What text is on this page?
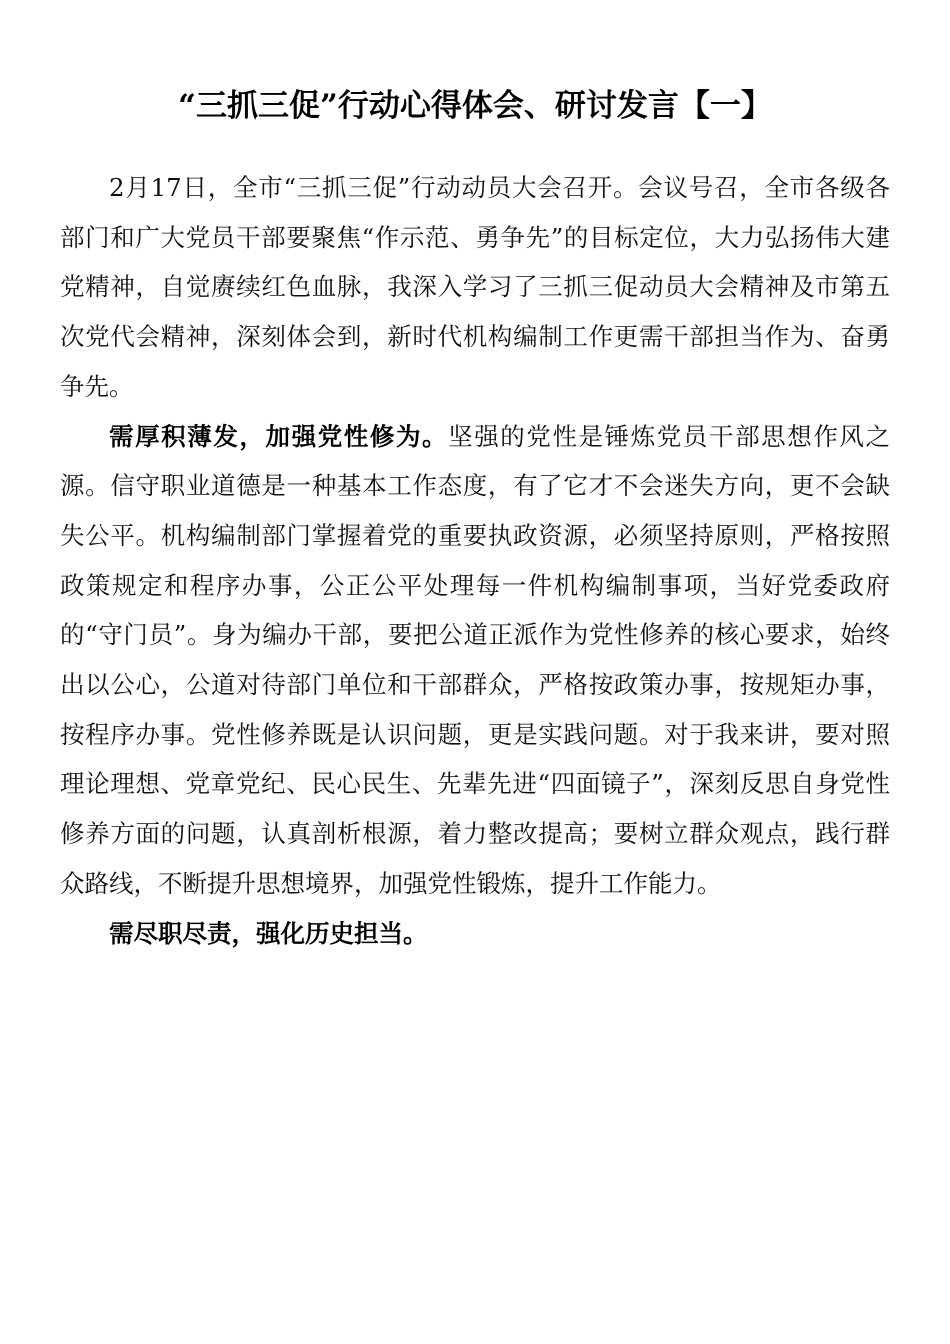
“三抓三促”行动心得体会、研讨发言【一】

2月17日，全市“三抓三促”行动动员大会召开。会议号召，全市各级各部门和广大党员干部要聚焦“作示范、勇争先”的目标定位，大力弘扬伟大建党精神，自觉赓续红色血脉，我深入学习了三抓三促动员大会精神及市第五次党代会精神，深刻体会到，新时代机构编制工作更需干部担当作为、奋勇争先。

需厚积薄发，加强党性修为。坚强的党性是锤炼党员干部思想作风之源。信守职业道德是一种基本工作态度，有了它才不会迷失方向，更不会缺失公平。机构编制部门掌握着党的重要执政资源，必须坚持原则，严格按照政策规定和程序办事，公正公平处理每一件机构编制事项，当好党委政府的“守门员”。身为编办干部，要把公道正派作为党性修养的核心要求，始终出以公心，公道对待部门单位和干部群众，严格按政策办事，按规矩办事，按程序办事。党性修养既是认识问题，更是实践问题。对于我来讲，要对照理论理想、党章党纪、民心民生、先辈先进“四面镜子”，深刻反思自身党性修养方面的问题，认真剖析根源，着力整改提高；要树立群众观点，践行群众路线，不断提升思想境界，加强党性锻炼，提升工作能力。

需尽职尽责，强化历史担当。
